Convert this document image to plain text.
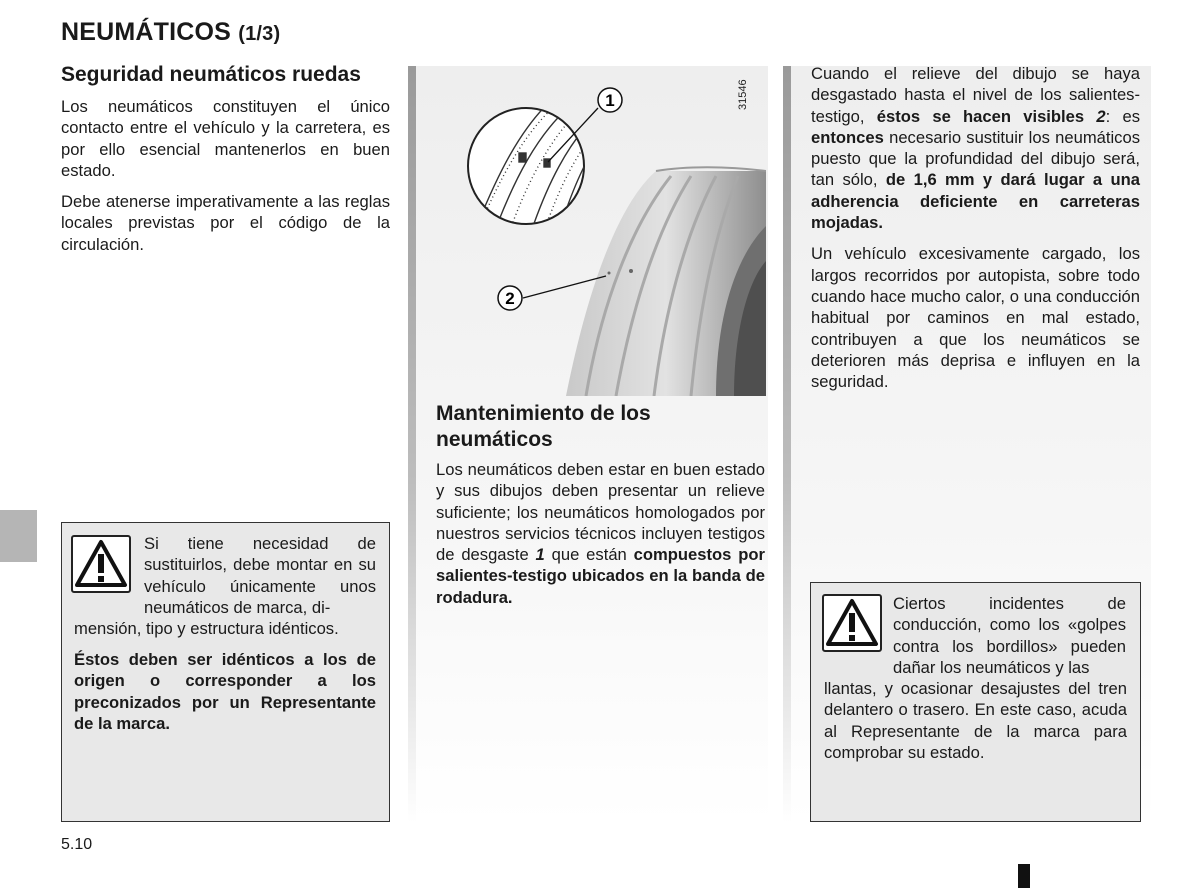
NEUMÁTICOS (1/3)
Seguridad neumáticos ruedas

Los neumáticos constituyen el único contacto entre el vehículo y la carretera, es por ello esencial mantenerlos en buen estado.

Debe atenerse imperativamente a las reglas locales previstas por el código de la circulación.

Si tiene necesidad de sustituirlos, debe montar en su vehículo únicamente unos neumáticos de marca, di-
mensión, tipo y estructura idénticos.
Éstos deben ser idénticos a los de origen o corresponder a los preconizados por un Representante de la marca.
1
2
31546
Mantenimiento de los neumáticos

Los neumáticos deben estar en buen estado y sus dibujos deben presentar un relieve suficiente; los neumáticos homologados por nuestros servicios técnicos incluyen testigos de desgaste 1 que están compuestos por salientes-testigo ubicados en la banda de rodadura.

Cuando el relieve del dibujo se haya desgastado hasta el nivel de los salientes-testigo, éstos se hacen visibles 2: es entonces necesario sustituir los neumáticos puesto que la profundidad del dibujo será, tan sólo, de 1,6 mm y dará lugar a una adherencia deficiente en carreteras mojadas.

Un vehículo excesivamente cargado, los largos recorridos por autopista, sobre todo cuando hace mucho calor, o una conducción habitual por caminos en mal estado, contribuyen a que los neumáticos se deterioren más deprisa e influyen en la seguridad.

Ciertos incidentes de conducción, como los «golpes contra los bordillos» pueden dañar los neumáticos y las
llantas, y ocasionar desajustes del tren delantero o trasero. En este caso, acuda al Representante de la marca para comprobar su estado.
5.10
